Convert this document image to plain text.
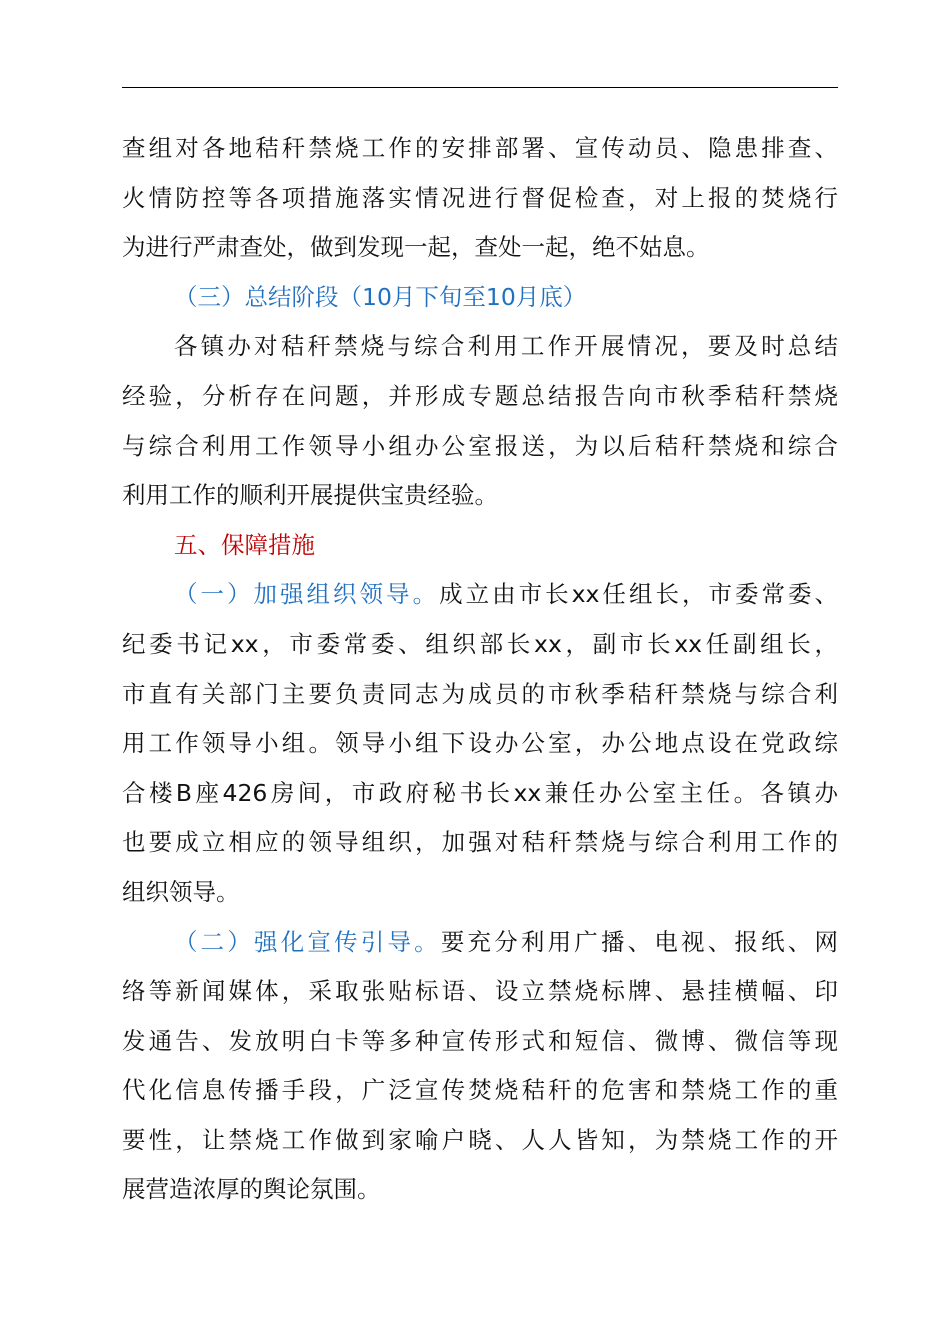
查组对各地秸秆禁烧工作的安排部署、宣传动员、隐患排查、
火情防控等各项措施落实情况进行督促检查，对上报的焚烧行
为进行严肃查处，做到发现一起，查处一起，绝不姑息。
（三）总结阶段（10月下旬至10月底）
各镇办对秸秆禁烧与综合利用工作开展情况，要及时总结
经验，分析存在问题，并形成专题总结报告向市秋季秸秆禁烧
与综合利用工作领导小组办公室报送，为以后秸秆禁烧和综合
利用工作的顺利开展提供宝贵经验。
五、保障措施
（一）加强组织领导。成立由市长xx任组长，市委常委、
纪委书记xx，市委常委、组织部长xx，副市长xx任副组长，
市直有关部门主要负责同志为成员的市秋季秸秆禁烧与综合利
用工作领导小组。领导小组下设办公室，办公地点设在党政综
合楼B座426房间，市政府秘书长xx兼任办公室主任。各镇办
也要成立相应的领导组织，加强对秸秆禁烧与综合利用工作的
组织领导。
（二）强化宣传引导。要充分利用广播、电视、报纸、网
络等新闻媒体，采取张贴标语、设立禁烧标牌、悬挂横幅、印
发通告、发放明白卡等多种宣传形式和短信、微博、微信等现
代化信息传播手段，广泛宣传焚烧秸秆的危害和禁烧工作的重
要性，让禁烧工作做到家喻户晓、人人皆知，为禁烧工作的开
展营造浓厚的舆论氛围。
